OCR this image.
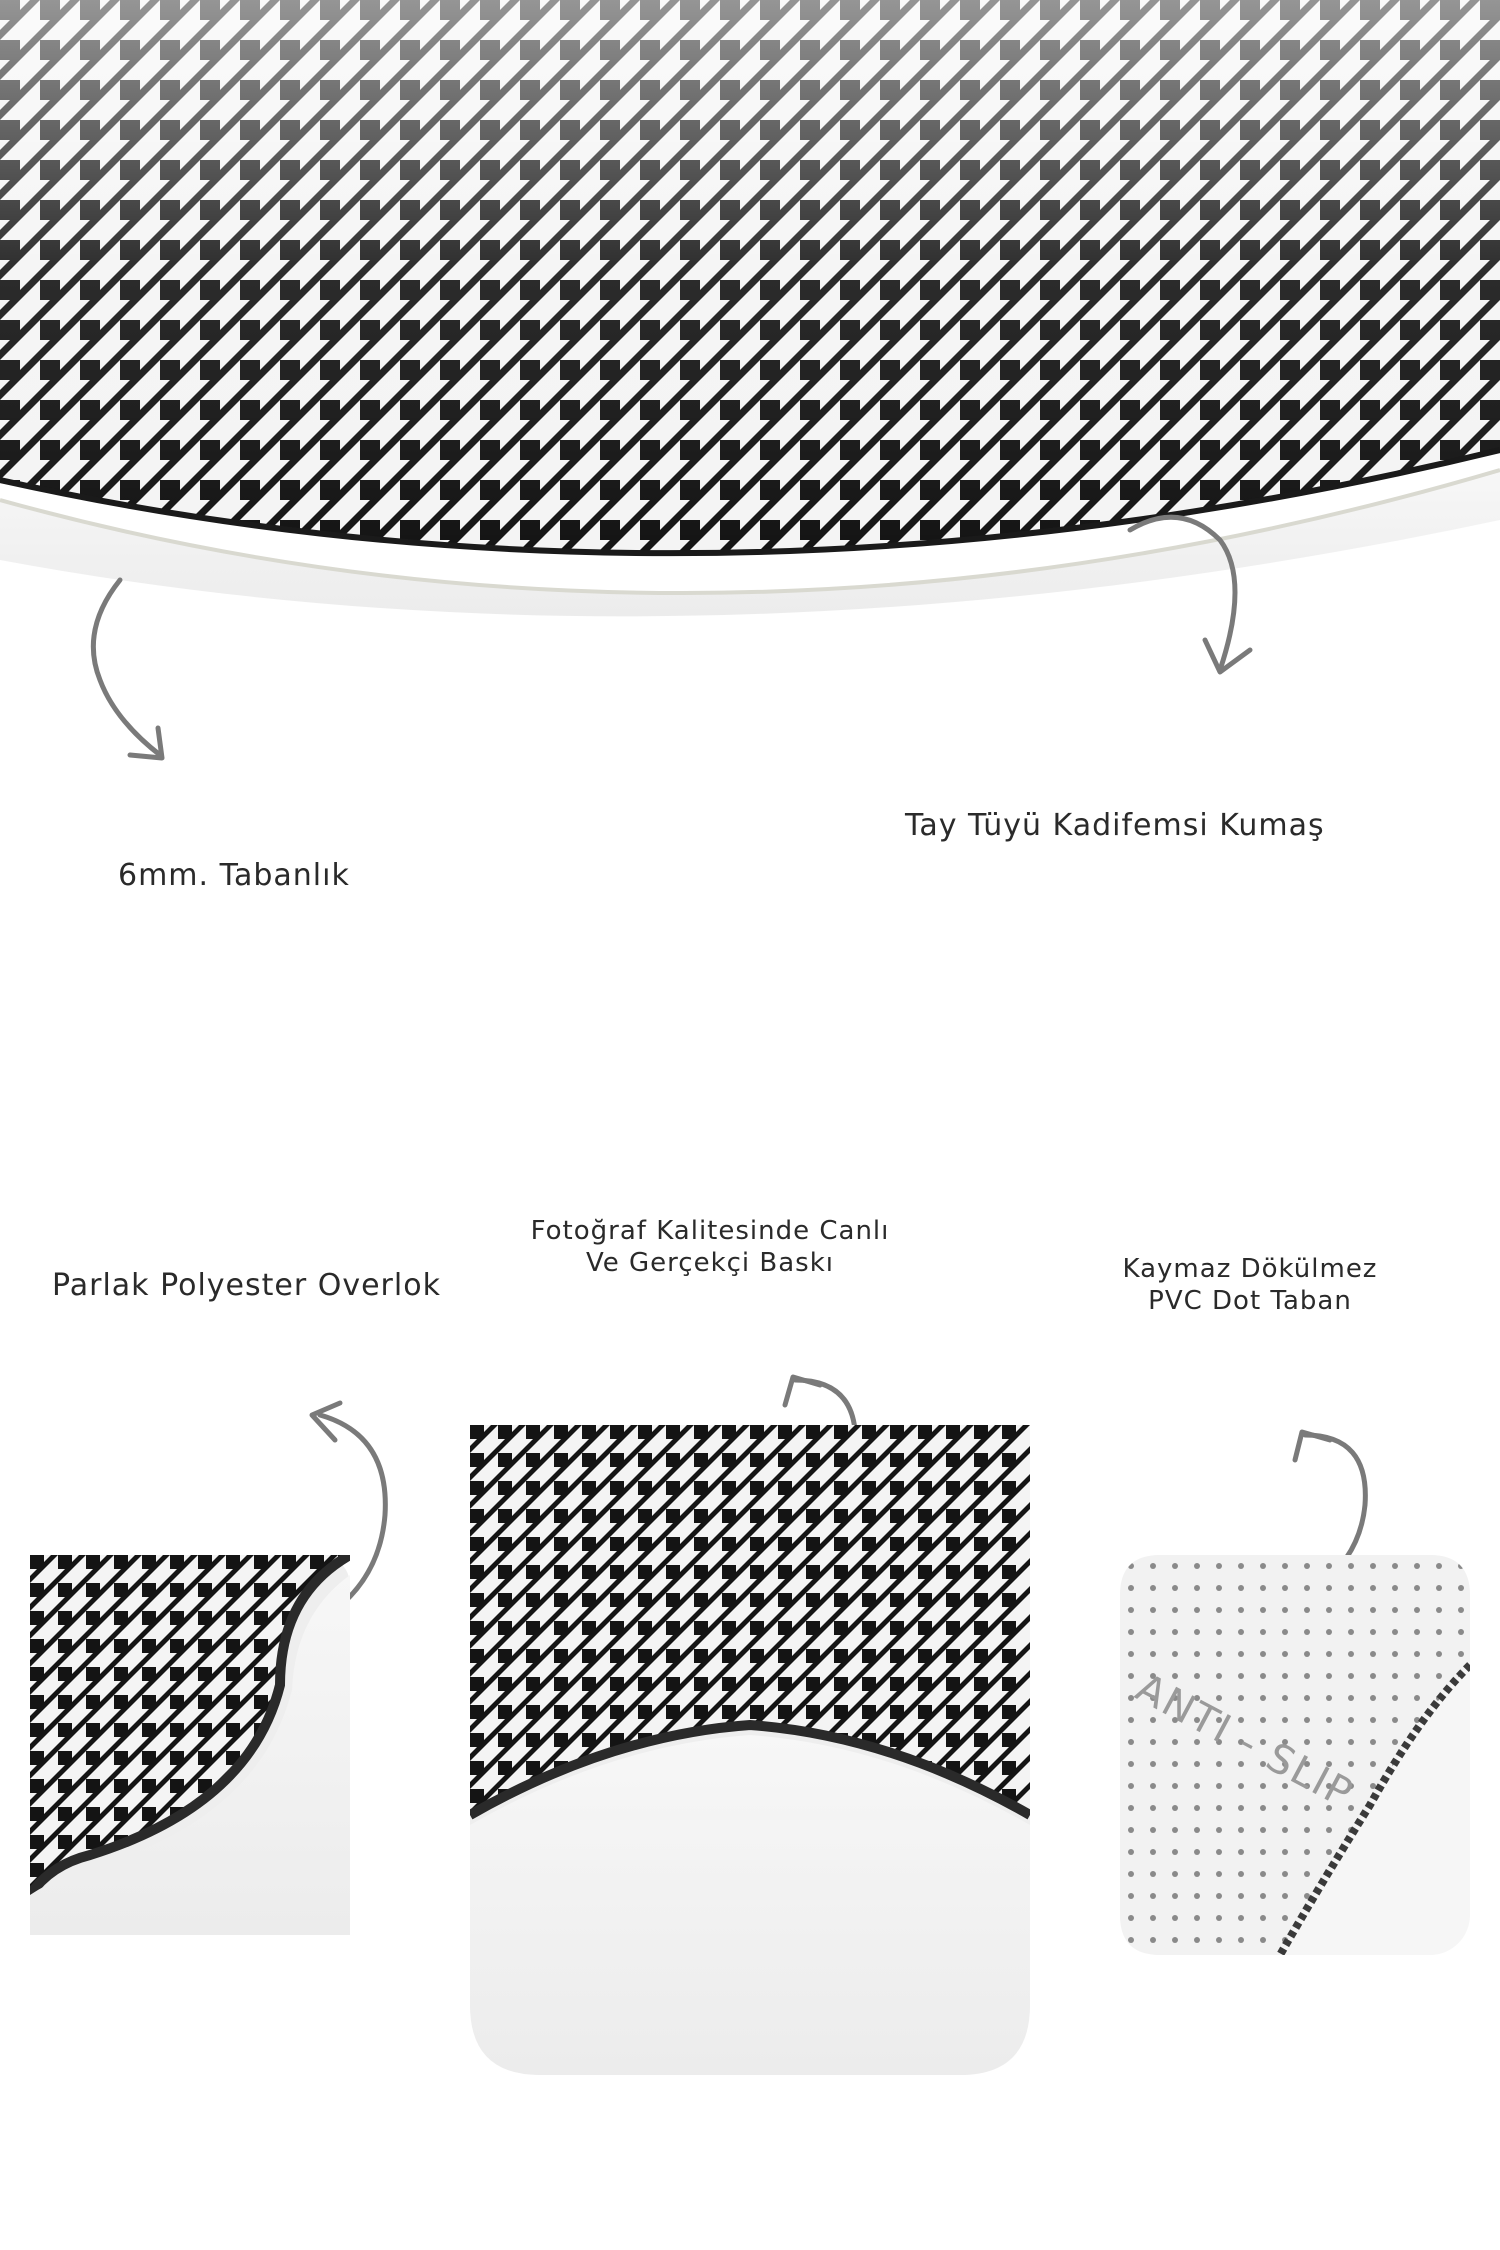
6mm. Tabanlık
Tay Tüyü Kadifemsi Kumaş
Parlak Polyester Overlok
Fotoğraf Kalitesinde Canlı
Ve Gerçekçi Baskı	Kaymaz Dökülmez
PVC Dot Taban
ANTI - SLIP
